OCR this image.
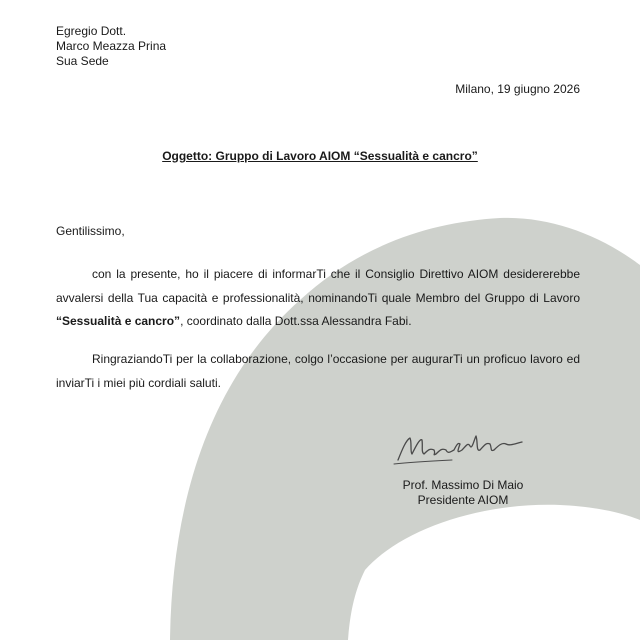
Egregio Dott.
Marco Meazza Prina
Sua Sede
Milano, 19 giugno 2026
Oggetto: Gruppo di Lavoro AIOM “Sessualità e cancro”
Gentilissimo,

con la presente, ho il piacere di informarTi che il Consiglio Direttivo AIOM desidererebbe avvalersi della Tua capacità e professionalità, nominandoTi quale Membro del Gruppo di Lavoro “Sessualità e cancro”, coordinato dalla Dott.ssa Alessandra Fabi.

RingraziandoTi per la collaborazione, colgo l’occasione per augurarTi un proficuo lavoro ed inviarTi i miei più cordiali saluti.

Prof. Massimo Di Maio
Presidente AIOM
